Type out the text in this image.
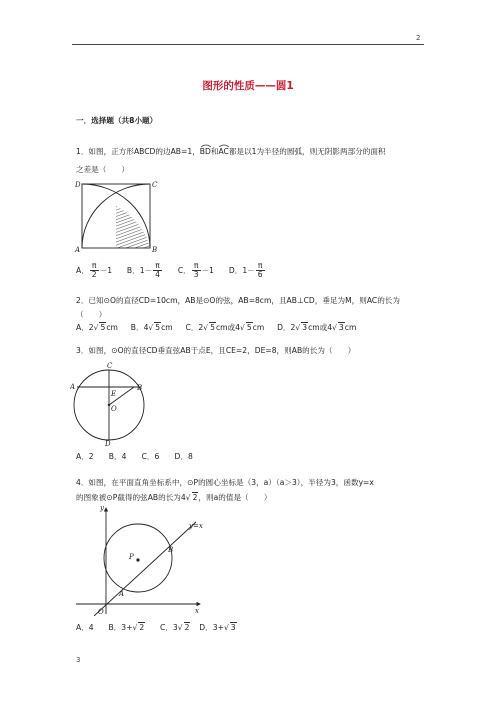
2
图形的性质——圆1
一．选择题（共8小题）
1．如图，正方形ABCD的边AB=1，BD
和AC
都是以1为半径的圆弧，则无阴影两部分的面积
之差是（　　）
D	C
A	B
A． $\frac{\pi}{2} -1$ B．$1- \frac{\pi}{4}$ C． $\frac{\pi}{3} -1$ D．$1- \frac{\pi}{6}$
2．已知⊙O的直径CD=10cm，AB是⊙O的弦，AB=8cm，且AB⊥CD，垂足为M，则AC的长为
（　　）
A．2√ 5cm B．4√ 5cm C．2√ 5cm或4√ 5cm D．2√ 3cm或4√ 3cm
3．如图，⊙O的直径CD垂直弦AB于点E，且CE=2，DE=8，则AB的长为（　　）
C
A	B
E
O
D
A．2　　B．4　　C．6　　D．8
4．如图，在平面直角坐标系中，⊙P的圆心坐标是（3，a）（a＞3），半径为3，函数y=x
的图象被⊙P截得的弦AB的长为4√ 2，则a的值是（　　）
y
x
O
P
B
A
y=x
A．4 B．3+√ 2 C．3√ 2 D．3+√ 3
3
